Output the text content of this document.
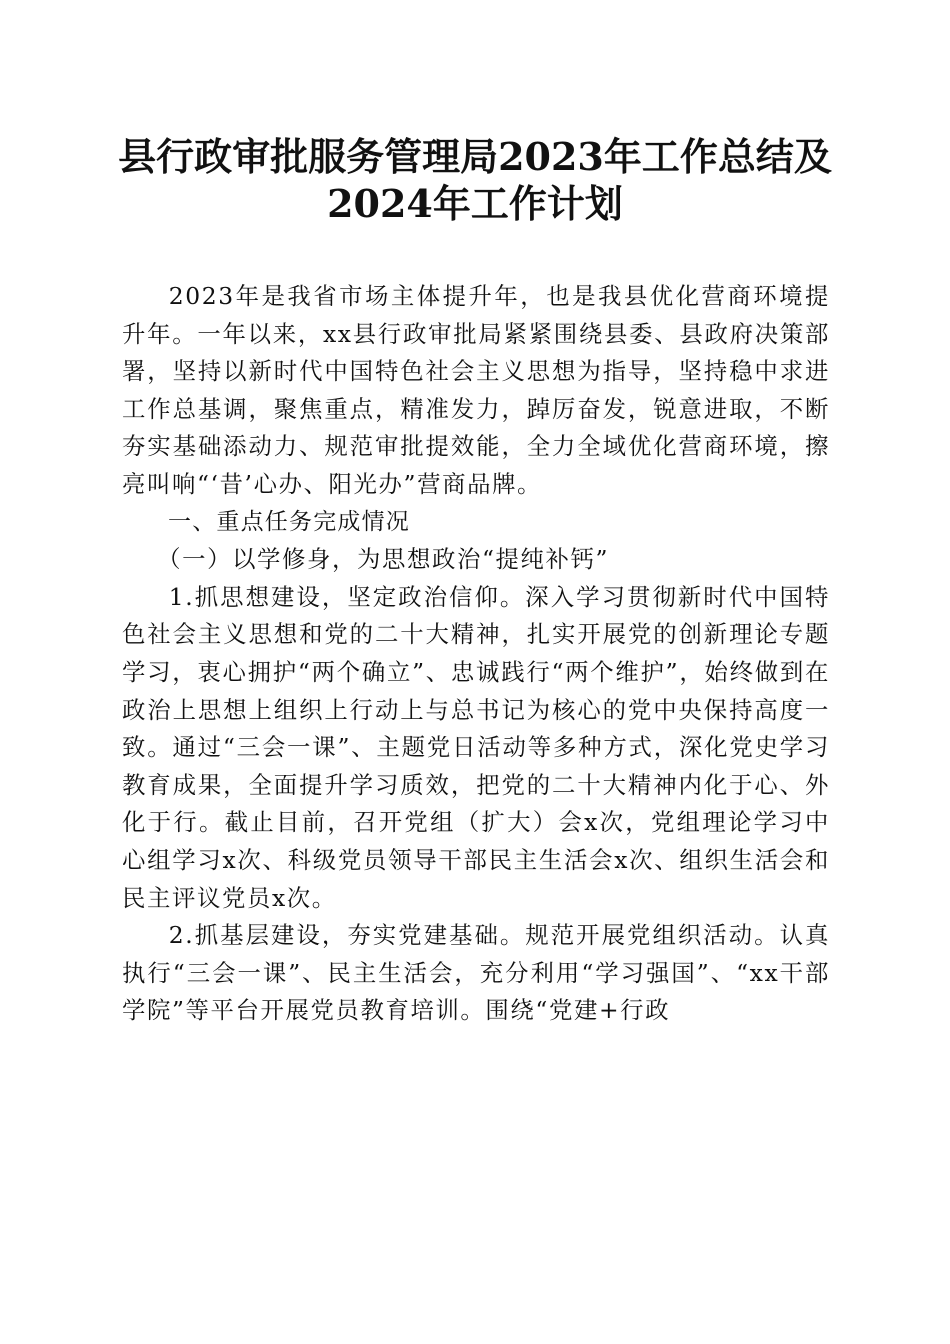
县行政审批服务管理局2023年工作总结及
2024年工作计划

2023年是我省市场主体提升年，也是我县优化营商环境提升年。一年以来，xx县行政审批局紧紧围绕县委、县政府决策部署，坚持以新时代中国特色社会主义思想为指导，坚持稳中求进工作总基调，聚焦重点，精准发力，踔厉奋发，锐意进取，不断夯实基础添动力、规范审批提效能，全力全域优化营商环境，擦亮叫响“‘昔’心办、阳光办”营商品牌。

一、重点任务完成情况

（一）以学修身，为思想政治“提纯补钙”

1.抓思想建设，坚定政治信仰。深入学习贯彻新时代中国特色社会主义思想和党的二十大精神，扎实开展党的创新理论专题学习，衷心拥护“两个确立”、忠诚践行“两个维护”，始终做到在政治上思想上组织上行动上与总书记为核心的党中央保持高度一致。通过“三会一课”、主题党日活动等多种方式，深化党史学习教育成果，全面提升学习质效，把党的二十大精神内化于心、外化于行。截止目前，召开党组（扩大）会x次，党组理论学习中心组学习x次、科级党员领导干部民主生活会x次、组织生活会和民主评议党员x次。

2.抓基层建设，夯实党建基础。规范开展党组织活动。认真执行“三会一课”、民主生活会，充分利用“学习强国”、“xx干部学院”等平台开展党员教育培训。围绕“党建+行政
